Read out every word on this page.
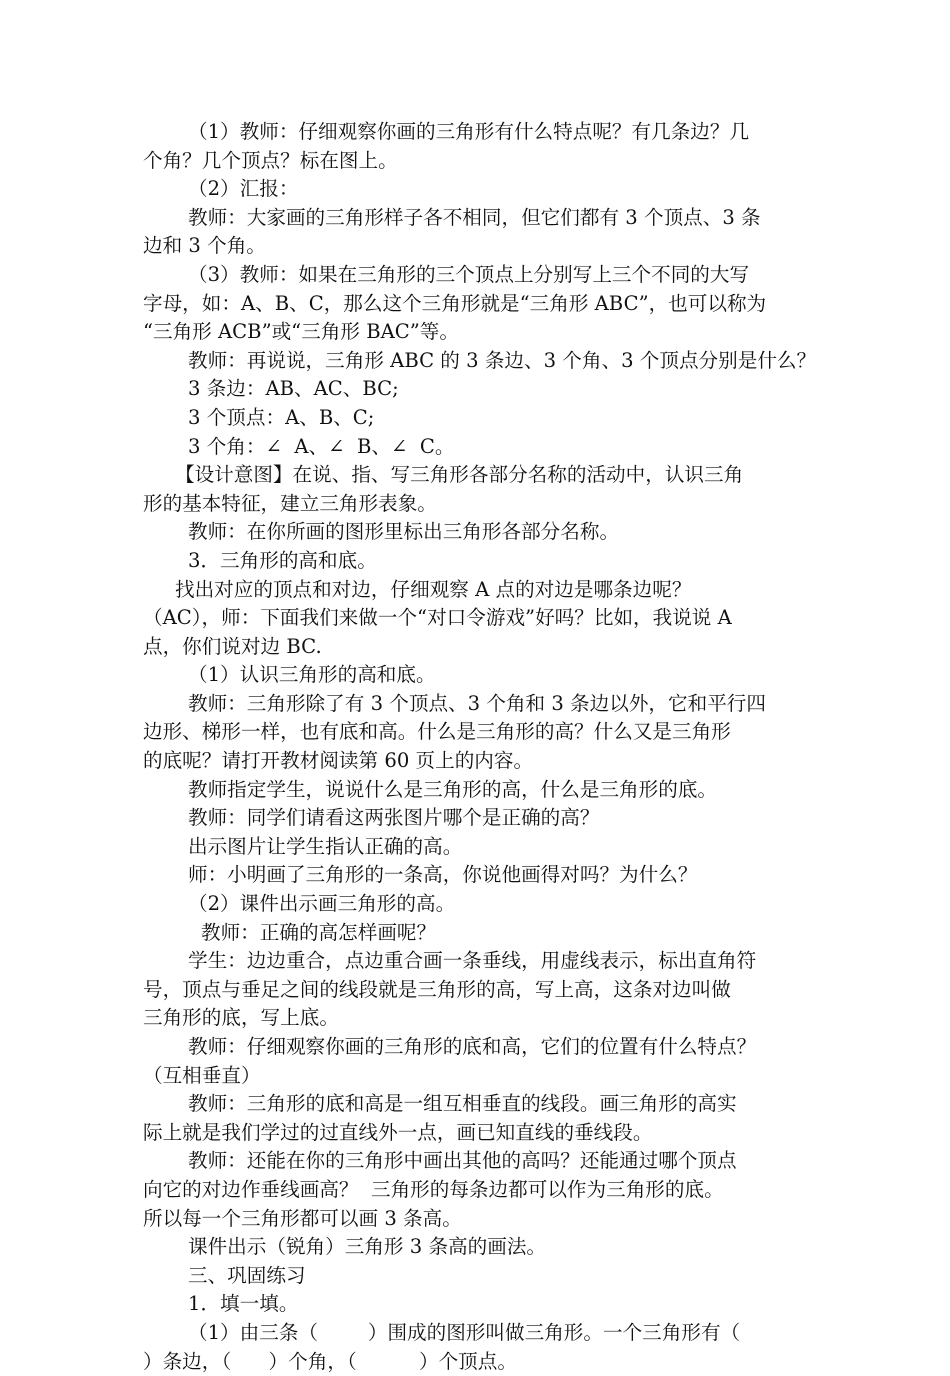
（1）教师：仔细观察你画的三角形有什么特点呢？有几条边？几
个角？几个顶点？标在图上。
（2）汇报：
教师：大家画的三角形样子各不相同，但它们都有 3 个顶点、3 条
边和 3 个角。
（3）教师：如果在三角形的三个顶点上分别写上三个不同的大写
字母，如：A、B、C，那么这个三角形就是“三角形 ABC”，也可以称为
“三角形 ACB”或“三角形 BAC”等。
教师：再说说，三角形 ABC 的 3 条边、3 个角、3 个顶点分别是什么？
3 条边：AB、AC、BC;
3 个顶点：A、B、C;
3 个角：∠  A、∠  B、∠  C。
【设计意图】在说、指、写三角形各部分名称的活动中，认识三角
形的基本特征，建立三角形表象。
教师：在你所画的图形里标出三角形各部分名称。
3．三角形的高和底。
找出对应的顶点和对边，仔细观察 A 点的对边是哪条边呢？
（AC），师：下面我们来做一个“对口令游戏”好吗？比如，我说说 A
点，你们说对边 BC.
（1）认识三角形的高和底。
教师：三角形除了有 3 个顶点、3 个角和 3 条边以外，它和平行四
边形、梯形一样，也有底和高。什么是三角形的高？什么又是三角形
的底呢？请打开教材阅读第 60 页上的内容。
教师指定学生，说说什么是三角形的高，什么是三角形的底。
教师：同学们请看这两张图片哪个是正确的高？
出示图片让学生指认正确的高。
师：小明画了三角形的一条高，你说他画得对吗？为什么？
（2）课件出示画三角形的高。
教师：正确的高怎样画呢？
学生：边边重合，点边重合画一条垂线，用虚线表示，标出直角符
号，顶点与垂足之间的线段就是三角形的高，写上高，这条对边叫做
三角形的底，写上底。
教师：仔细观察你画的三角形的底和高，它们的位置有什么特点？
（互相垂直）
教师：三角形的底和高是一组互相垂直的线段。画三角形的高实
际上就是我们学过的过直线外一点，画已知直线的垂线段。
教师：还能在你的三角形中画出其他的高吗？还能通过哪个顶点
向它的对边作垂线画高？  三角形的每条边都可以作为三角形的底。
所以每一个三角形都可以画 3 条高。
课件出示（锐角）三角形 3 条高的画法。
三、巩固练习
1．填一填。
（1）由三条（        ）围成的图形叫做三角形。一个三角形有（
）条边，（      ）个角，（          ）个顶点。
